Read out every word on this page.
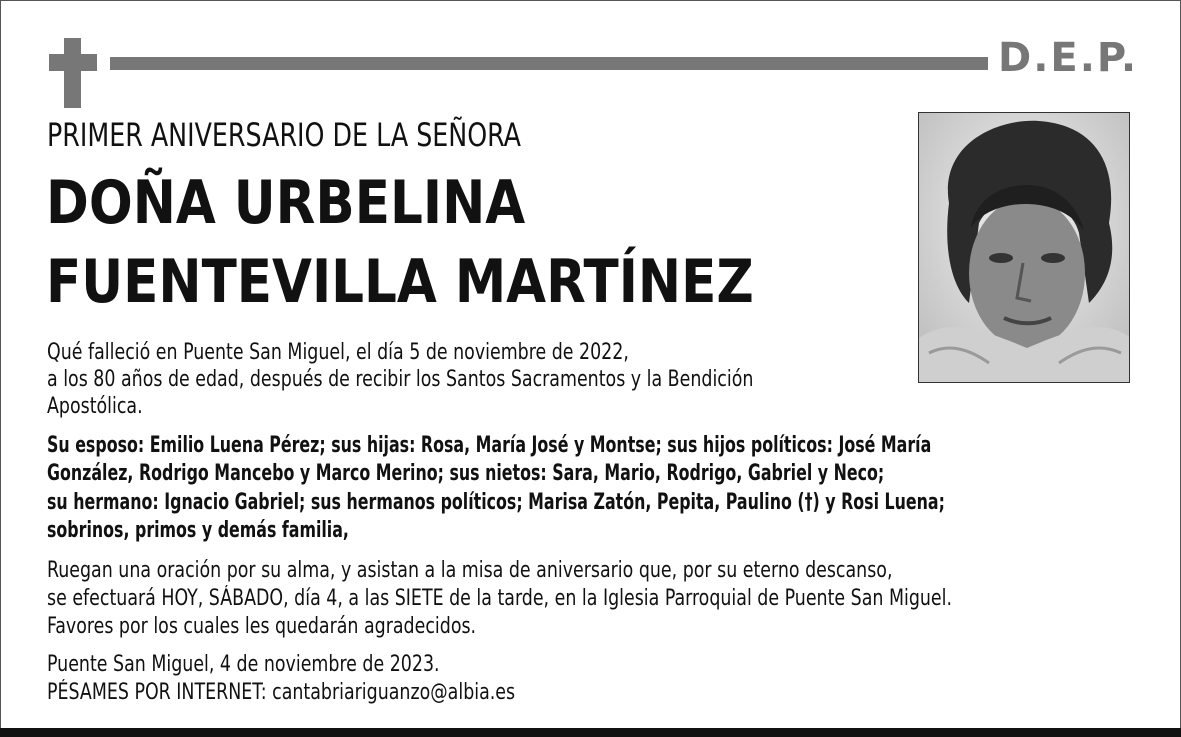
D.E.P.
PRIMER ANIVERSARIO DE LA SEÑORA
DOÑA URBELINA
FUENTEVILLA MARTÍNEZ
Qué falleció en Puente San Miguel, el día 5 de noviembre de 2022,
a los 80 años de edad, después de recibir los Santos Sacramentos y la Bendición
Apostólica.
Su esposo: Emilio Luena Pérez; sus hijas: Rosa, María José y Montse; sus hijos políticos: José María
González, Rodrigo Mancebo y Marco Merino; sus nietos: Sara, Mario, Rodrigo, Gabriel y Neco;
su hermano: Ignacio Gabriel; sus hermanos políticos; Marisa Zatón, Pepita, Paulino (†) y Rosi Luena;
sobrinos, primos y demás familia,
Ruegan una oración por su alma, y asistan a la misa de aniversario que, por su eterno descanso,
se efectuará HOY, SÁBADO, día 4, a las SIETE de la tarde, en la Iglesia Parroquial de Puente San Miguel.
Favores por los cuales les quedarán agradecidos.
Puente San Miguel, 4 de noviembre de 2023.
PÉSAMES POR INTERNET: cantabriariguanzo@albia.es
